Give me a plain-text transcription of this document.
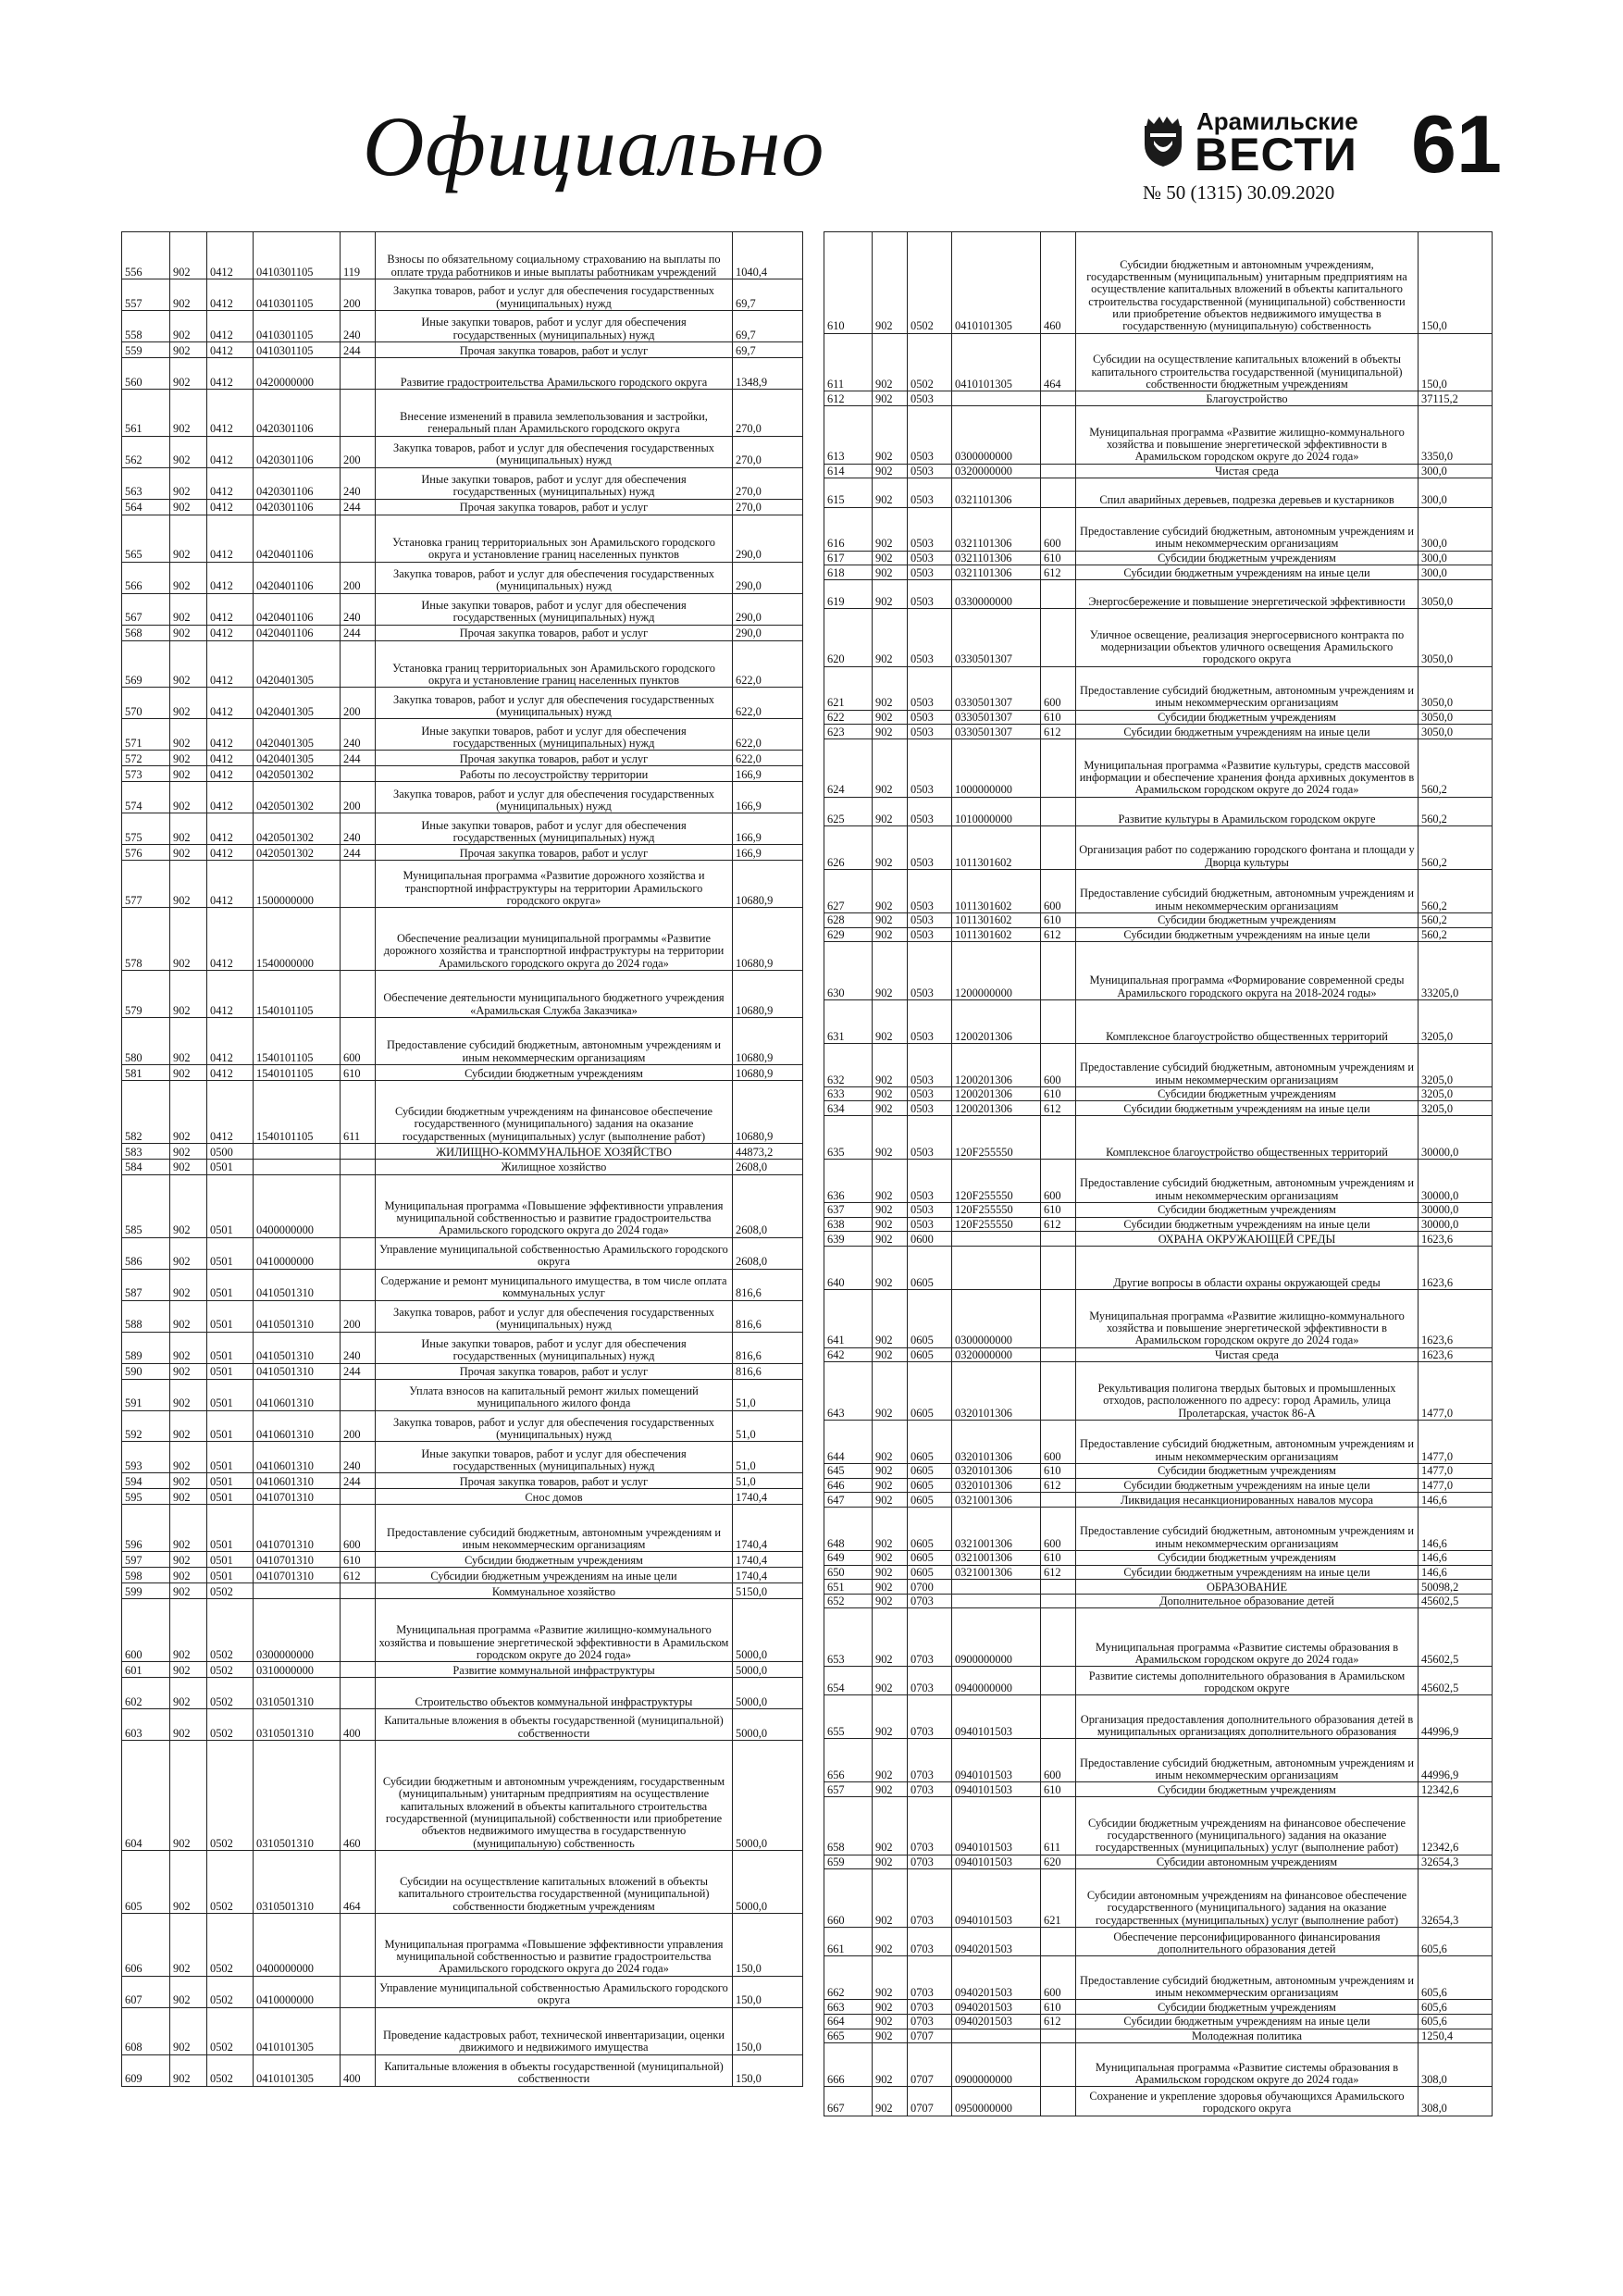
Официально	Арамильские
ВЕСТИ 61
№ 50 (1315) 30.09.2020
556	902	0412	0410301105	119	Взносы по обязательному социальному страхованию на выплаты по оплате труда работников и иные выплаты работникам учреждений	1040,4
557	902	0412	0410301105	200	Закупка товаров, работ и услуг для обеспечения государственных (муниципальных) нужд	69,7
558	902	0412	0410301105	240	Иные закупки товаров, работ и услуг для обеспечения государственных (муниципальных) нужд	69,7
559	902	0412	0410301105	244	Прочая закупка товаров, работ и услуг	69,7
560	902	0412	0420000000		Развитие градостроительства Арамильского городского округа	1348,9
561	902	0412	0420301106		Внесение изменений в правила землепользования и застройки, генеральный план Арамильского городского округа	270,0
562	902	0412	0420301106	200	Закупка товаров, работ и услуг для обеспечения государственных (муниципальных) нужд	270,0
563	902	0412	0420301106	240	Иные закупки товаров, работ и услуг для обеспечения государственных (муниципальных) нужд	270,0
564	902	0412	0420301106	244	Прочая закупка товаров, работ и услуг	270,0
565	902	0412	0420401106		Установка границ территориальных зон Арамильского городского округа и установление границ населенных пунктов	290,0
566	902	0412	0420401106	200	Закупка товаров, работ и услуг для обеспечения государственных (муниципальных) нужд	290,0
567	902	0412	0420401106	240	Иные закупки товаров, работ и услуг для обеспечения государственных (муниципальных) нужд	290,0
568	902	0412	0420401106	244	Прочая закупка товаров, работ и услуг	290,0
569	902	0412	0420401305		Установка границ территориальных зон Арамильского городского округа и установление границ населенных пунктов	622,0
570	902	0412	0420401305	200	Закупка товаров, работ и услуг для обеспечения государственных (муниципальных) нужд	622,0
571	902	0412	0420401305	240	Иные закупки товаров, работ и услуг для обеспечения государственных (муниципальных) нужд	622,0
572	902	0412	0420401305	244	Прочая закупка товаров, работ и услуг	622,0
573	902	0412	0420501302		Работы по лесоустройству территории	166,9
574	902	0412	0420501302	200	Закупка товаров, работ и услуг для обеспечения государственных (муниципальных) нужд	166,9
575	902	0412	0420501302	240	Иные закупки товаров, работ и услуг для обеспечения государственных (муниципальных) нужд	166,9
576	902	0412	0420501302	244	Прочая закупка товаров, работ и услуг	166,9
577	902	0412	1500000000		Муниципальная программа «Развитие дорожного хозяйства и транспортной инфраструктуры на территории Арамильского городского округа»	10680,9
578	902	0412	1540000000		Обеспечение реализации муниципальной программы «Развитие дорожного хозяйства и транспортной инфраструктуры на территории Арамильского городского округа до 2024 года»	10680,9
579	902	0412	1540101105		Обеспечение деятельности муниципального бюджетного учреждения «Арамильская Служба Заказчика»	10680,9
580	902	0412	1540101105	600	Предоставление субсидий бюджетным, автономным учреждениям и иным некоммерческим организациям	10680,9
581	902	0412	1540101105	610	Субсидии бюджетным учреждениям	10680,9
582	902	0412	1540101105	611	Субсидии бюджетным учреждениям на финансовое обеспечение государственного (муниципального) задания на оказание государственных (муниципальных) услуг (выполнение работ)	10680,9
583	902	0500			ЖИЛИЩНО-КОММУНАЛЬНОЕ ХОЗЯЙСТВО	44873,2
584	902	0501			Жилищное хозяйство	2608,0
585	902	0501	0400000000		Муниципальная программа «Повышение эффективности управления муниципальной собственностью и развитие градостроительства Арамильского городского округа до 2024 года»	2608,0
586	902	0501	0410000000		Управление муниципальной собственностью Арамильского городского округа	2608,0
587	902	0501	0410501310		Содержание и ремонт муниципального имущества, в том числе оплата коммунальных услуг	816,6
588	902	0501	0410501310	200	Закупка товаров, работ и услуг для обеспечения государственных (муниципальных) нужд	816,6
589	902	0501	0410501310	240	Иные закупки товаров, работ и услуг для обеспечения государственных (муниципальных) нужд	816,6
590	902	0501	0410501310	244	Прочая закупка товаров, работ и услуг	816,6
591	902	0501	0410601310		Уплата взносов на капитальный ремонт жилых помещений муниципального жилого фонда	51,0
592	902	0501	0410601310	200	Закупка товаров, работ и услуг для обеспечения государственных (муниципальных) нужд	51,0
593	902	0501	0410601310	240	Иные закупки товаров, работ и услуг для обеспечения государственных (муниципальных) нужд	51,0
594	902	0501	0410601310	244	Прочая закупка товаров, работ и услуг	51,0
595	902	0501	0410701310		Снос домов	1740,4
596	902	0501	0410701310	600	Предоставление субсидий бюджетным, автономным учреждениям и иным некоммерческим организациям	1740,4
597	902	0501	0410701310	610	Субсидии бюджетным учреждениям	1740,4
598	902	0501	0410701310	612	Субсидии бюджетным учреждениям на иные цели	1740,4
599	902	0502			Коммунальное хозяйство	5150,0
600	902	0502	0300000000		Муниципальная программа «Развитие жилищно-коммунального хозяйства и повышение энергетической эффективности в Арамильском городском округе до 2024 года»	5000,0
601	902	0502	0310000000		Развитие коммунальной инфраструктуры	5000,0
602	902	0502	0310501310		Строительство объектов коммунальной инфраструктуры	5000,0
603	902	0502	0310501310	400	Капитальные вложения в объекты государственной (муниципальной) собственности	5000,0
604	902	0502	0310501310	460	Субсидии бюджетным и автономным учреждениям, государственным (муниципальным) унитарным предприятиям на осуществление капитальных вложений в объекты капитального строительства государственной (муниципальной) собственности или приобретение объектов недвижимого имущества в государственную (муниципальную) собственность	5000,0
605	902	0502	0310501310	464	Субсидии на осуществление капитальных вложений в объекты капитального строительства государственной (муниципальной) собственности бюджетным учреждениям	5000,0
606	902	0502	0400000000		Муниципальная программа «Повышение эффективности управления муниципальной собственностью и развитие градостроительства Арамильского городского округа до 2024 года»	150,0
607	902	0502	0410000000		Управление муниципальной собственностью Арамильского городского округа	150,0
608	902	0502	0410101305		Проведение кадастровых работ, технической инвентаризации, оценки движимого и недвижимого имущества	150,0
609	902	0502	0410101305	400	Капитальные вложения в объекты государственной (муниципальной) собственности	150,0
610	902	0502	0410101305	460	Субсидии бюджетным и автономным учреждениям, государственным (муниципальным) унитарным предприятиям на осуществление капитальных вложений в объекты капитального строительства государственной (муниципальной) собственности или приобретение объектов недвижимого имущества в государственную (муниципальную) собственность	150,0
611	902	0502	0410101305	464	Субсидии на осуществление капитальных вложений в объекты капитального строительства государственной (муниципальной) собственности бюджетным учреждениям	150,0
612	902	0503			Благоустройство	37115,2
613	902	0503	0300000000		Муниципальная программа «Развитие жилищно-коммунального хозяйства и повышение энергетической эффективности в Арамильском городском округе до 2024 года»	3350,0
614	902	0503	0320000000		Чистая среда	300,0
615	902	0503	0321101306		Спил аварийных деревьев, подрезка деревьев и кустарников	300,0
616	902	0503	0321101306	600	Предоставление субсидий бюджетным, автономным учреждениям и иным некоммерческим организациям	300,0
617	902	0503	0321101306	610	Субсидии бюджетным учреждениям	300,0
618	902	0503	0321101306	612	Субсидии бюджетным учреждениям на иные цели	300,0
619	902	0503	0330000000		Энергосбережение и повышение энергетической эффективности	3050,0
620	902	0503	0330501307		Уличное освещение, реализация энергосервисного контракта по модернизации объектов уличного освещения Арамильского городского округа	3050,0
621	902	0503	0330501307	600	Предоставление субсидий бюджетным, автономным учреждениям и иным некоммерческим организациям	3050,0
622	902	0503	0330501307	610	Субсидии бюджетным учреждениям	3050,0
623	902	0503	0330501307	612	Субсидии бюджетным учреждениям на иные цели	3050,0
624	902	0503	1000000000		Муниципальная программа «Развитие культуры, средств массовой информации и обеспечение хранения фонда архивных документов в Арамильском городском округе до 2024 года»	560,2
625	902	0503	1010000000		Развитие культуры в Арамильском городском округе	560,2
626	902	0503	1011301602		Организация работ по содержанию городского фонтана и площади у Дворца культуры	560,2
627	902	0503	1011301602	600	Предоставление субсидий бюджетным, автономным учреждениям и иным некоммерческим организациям	560,2
628	902	0503	1011301602	610	Субсидии бюджетным учреждениям	560,2
629	902	0503	1011301602	612	Субсидии бюджетным учреждениям на иные цели	560,2
630	902	0503	1200000000		Муниципальная программа «Формирование современной среды Арамильского городского округа на 2018-2024 годы»	33205,0
631	902	0503	1200201306		Комплексное благоустройство общественных территорий	3205,0
632	902	0503	1200201306	600	Предоставление субсидий бюджетным, автономным учреждениям и иным некоммерческим организациям	3205,0
633	902	0503	1200201306	610	Субсидии бюджетным учреждениям	3205,0
634	902	0503	1200201306	612	Субсидии бюджетным учреждениям на иные цели	3205,0
635	902	0503	120F255550		Комплексное благоустройство общественных территорий	30000,0
636	902	0503	120F255550	600	Предоставление субсидий бюджетным, автономным учреждениям и иным некоммерческим организациям	30000,0
637	902	0503	120F255550	610	Субсидии бюджетным учреждениям	30000,0
638	902	0503	120F255550	612	Субсидии бюджетным учреждениям на иные цели	30000,0
639	902	0600			ОХРАНА ОКРУЖАЮЩЕЙ СРЕДЫ	1623,6
640	902	0605			Другие вопросы в области охраны окружающей среды	1623,6
641	902	0605	0300000000		Муниципальная программа «Развитие жилищно-коммунального хозяйства и повышение энергетической эффективности в Арамильском городском округе до 2024 года»	1623,6
642	902	0605	0320000000		Чистая среда	1623,6
643	902	0605	0320101306		Рекультивация полигона твердых бытовых и промышленных отходов, расположенного по адресу: город Арамиль, улица Пролетарская, участок 86-А	1477,0
644	902	0605	0320101306	600	Предоставление субсидий бюджетным, автономным учреждениям и иным некоммерческим организациям	1477,0
645	902	0605	0320101306	610	Субсидии бюджетным учреждениям	1477,0
646	902	0605	0320101306	612	Субсидии бюджетным учреждениям на иные цели	1477,0
647	902	0605	0321001306		Ликвидация несанкционированных навалов мусора	146,6
648	902	0605	0321001306	600	Предоставление субсидий бюджетным, автономным учреждениям и иным некоммерческим организациям	146,6
649	902	0605	0321001306	610	Субсидии бюджетным учреждениям	146,6
650	902	0605	0321001306	612	Субсидии бюджетным учреждениям на иные цели	146,6
651	902	0700			ОБРАЗОВАНИЕ	50098,2
652	902	0703			Дополнительное образование детей	45602,5
653	902	0703	0900000000		Муниципальная программа «Развитие системы образования в Арамильском городском округе до 2024 года»	45602,5
654	902	0703	0940000000		Развитие системы дополнительного образования в Арамильском городском округе	45602,5
655	902	0703	0940101503		Организация предоставления дополнительного образования детей в муниципальных организациях дополнительного образования	44996,9
656	902	0703	0940101503	600	Предоставление субсидий бюджетным, автономным учреждениям и иным некоммерческим организациям	44996,9
657	902	0703	0940101503	610	Субсидии бюджетным учреждениям	12342,6
658	902	0703	0940101503	611	Субсидии бюджетным учреждениям на финансовое обеспечение государственного (муниципального) задания на оказание государственных (муниципальных) услуг (выполнение работ)	12342,6
659	902	0703	0940101503	620	Субсидии автономным учреждениям	32654,3
660	902	0703	0940101503	621	Субсидии автономным учреждениям на финансовое обеспечение государственного (муниципального) задания на оказание государственных (муниципальных) услуг (выполнение работ)	32654,3
661	902	0703	0940201503		Обеспечение персонифицированного финансирования дополнительного образования детей	605,6
662	902	0703	0940201503	600	Предоставление субсидий бюджетным, автономным учреждениям и иным некоммерческим организациям	605,6
663	902	0703	0940201503	610	Субсидии бюджетным учреждениям	605,6
664	902	0703	0940201503	612	Субсидии бюджетным учреждениям на иные цели	605,6
665	902	0707			Молодежная политика	1250,4
666	902	0707	0900000000		Муниципальная программа «Развитие системы образования в Арамильском городском округе до 2024 года»	308,0
667	902	0707	0950000000		Сохранение и укрепление здоровья обучающихся Арамильского городского округа	308,0
